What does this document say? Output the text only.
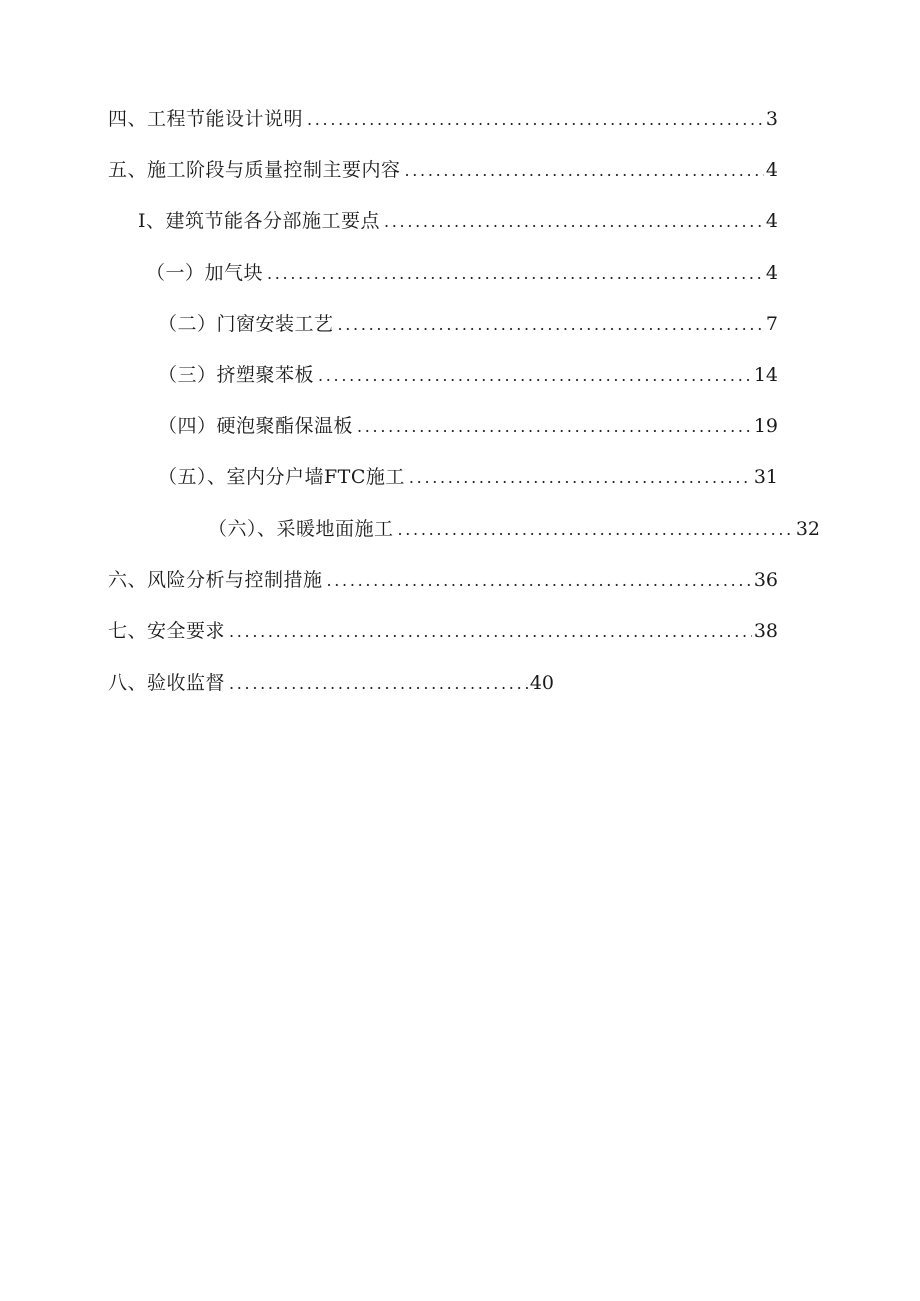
四、工程节能设计说明 . . .	3
五、施工阶段与质量控制主要内容 . . .	4
I、建筑节能各分部施工要点 . . .	4
（一）加气块 . . .	4
（二）门窗安装工艺 . . .	7
（三）挤塑聚苯板 . . .	14
（四）硬泡聚酯保温板 . . .	19
（五）、室内分户墙FTC施工 . . .	31
（六）、采暖地面施工 . . .	32
六、风险分析与控制措施 . . .	36
七、安全要求 . . .	38
八、验收监督 . . .	40
